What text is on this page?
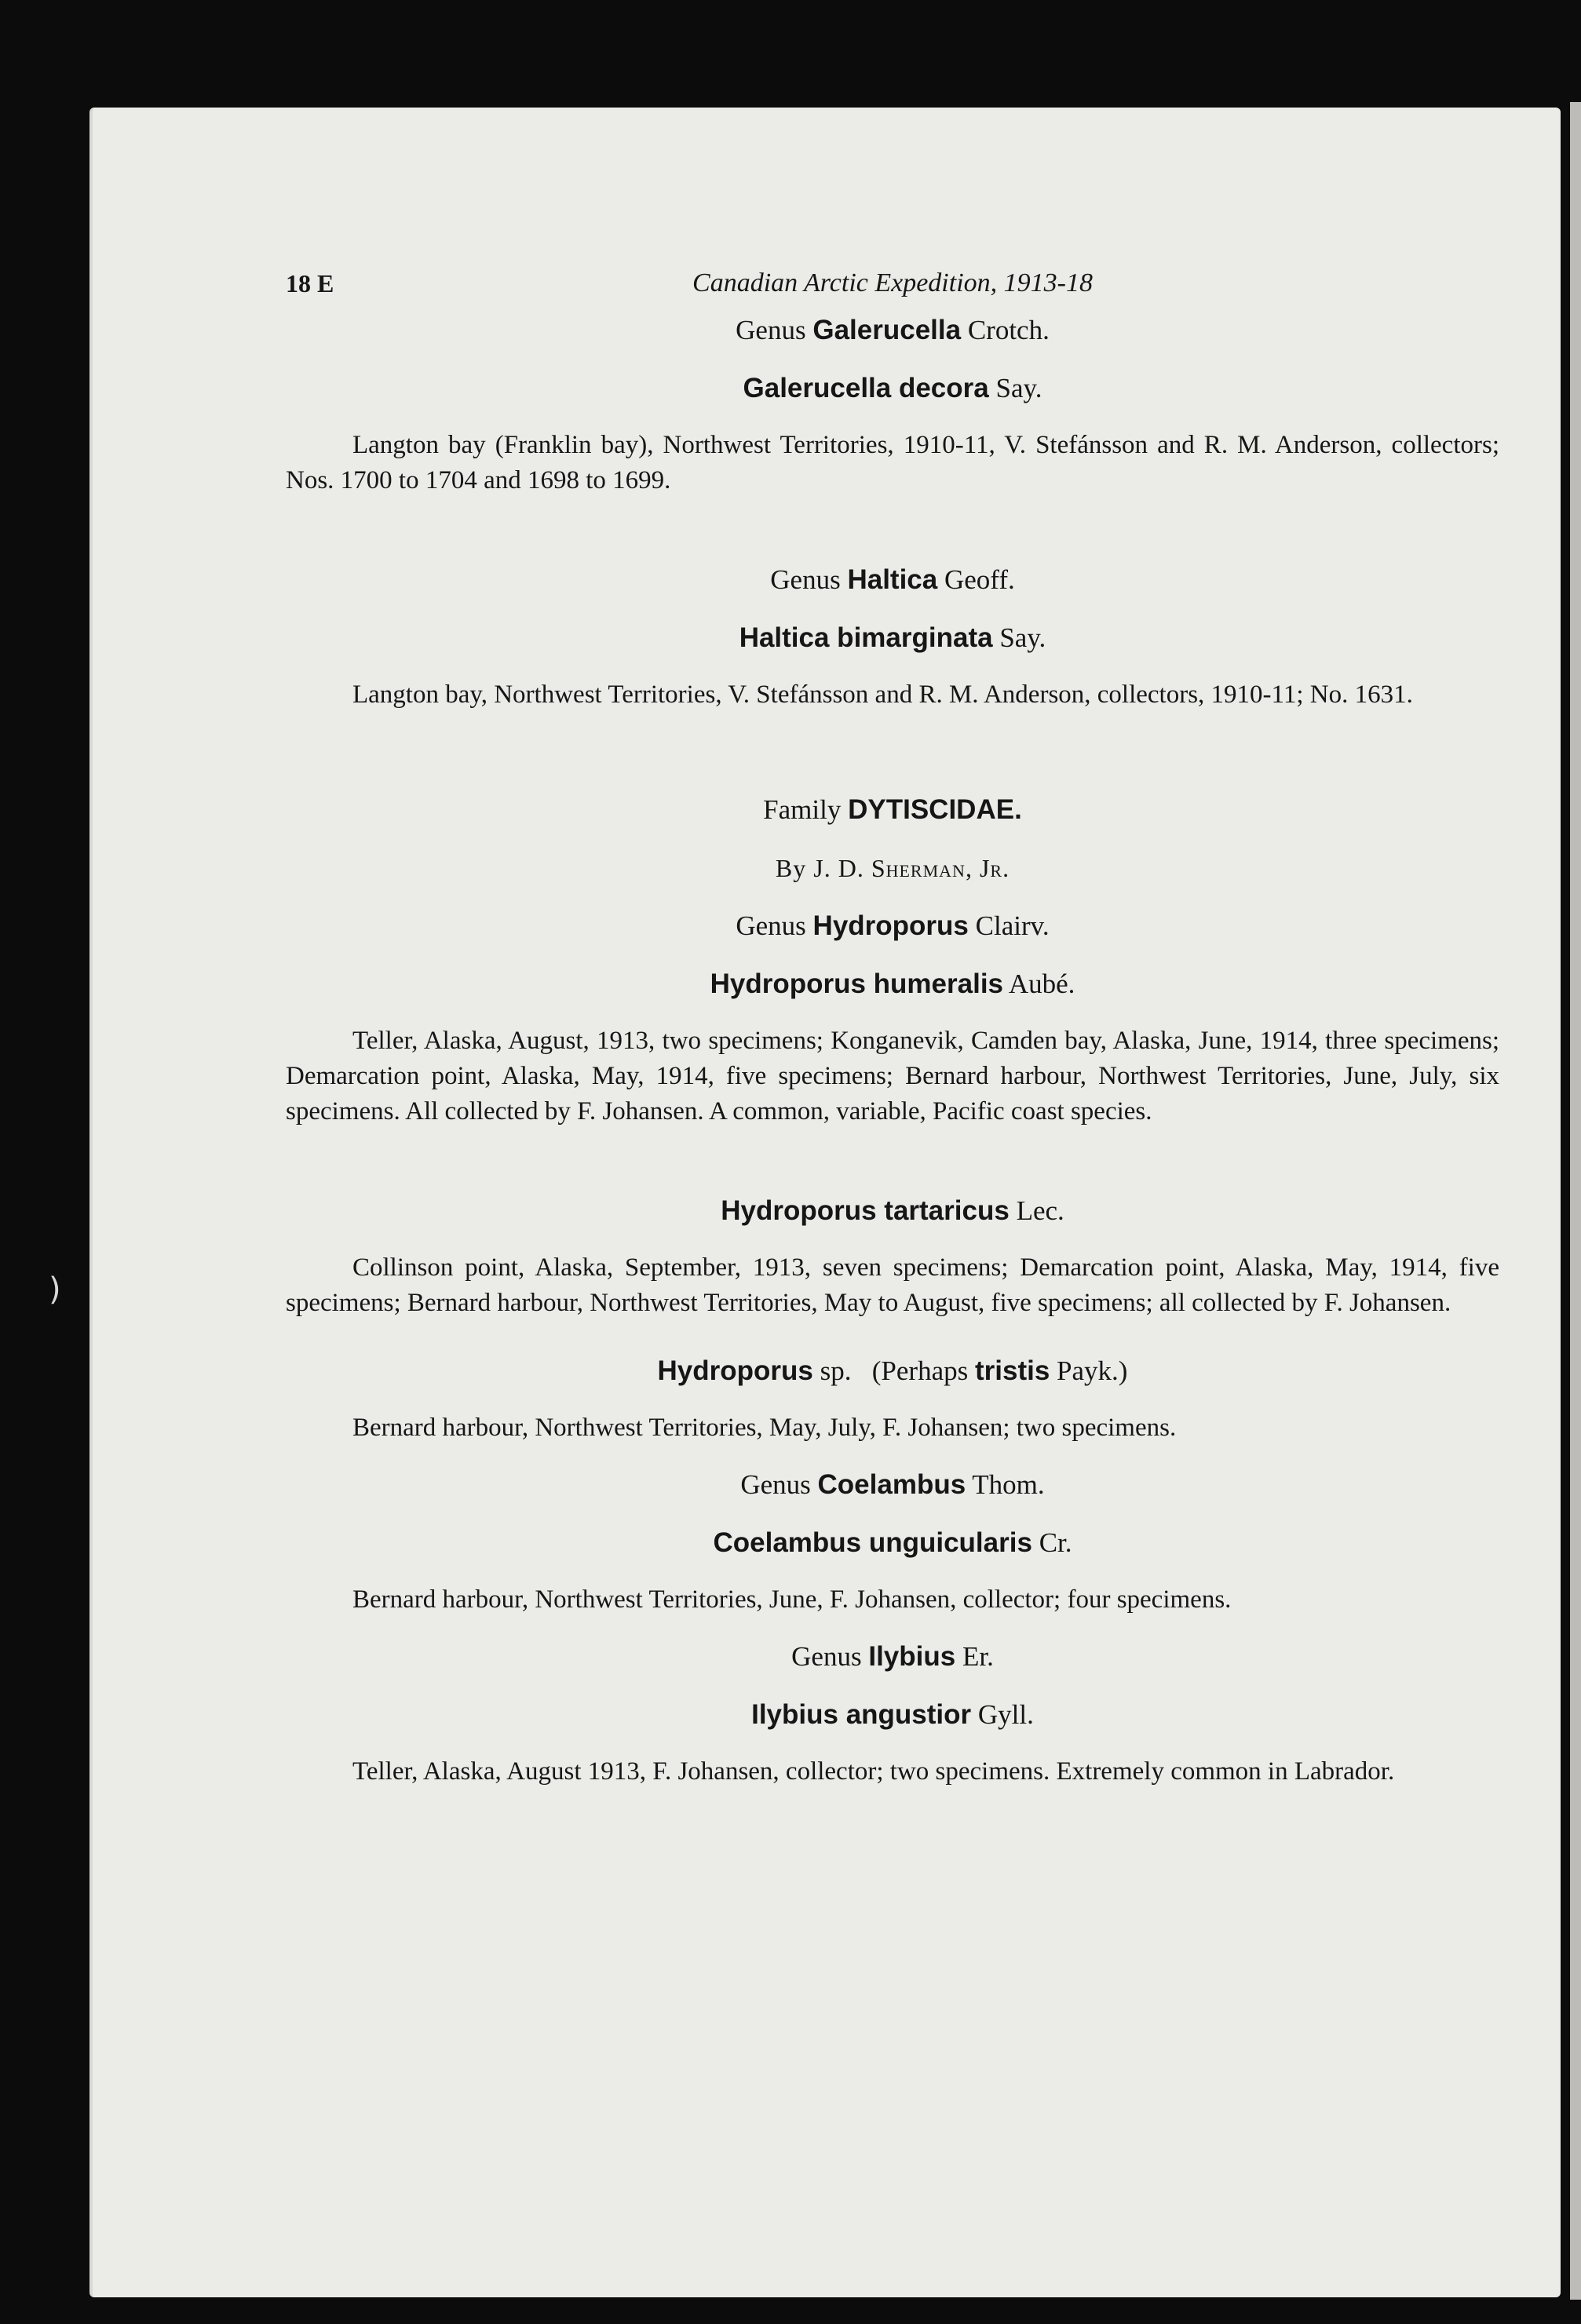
)
18 E	Canadian Arctic Expedition, 1913-18
Genus Galerucella Crotch.
Galerucella decora Say.

Langton bay (Franklin bay), Northwest Territories, 1910-11, V. Stefánsson and R. M. Anderson, collectors; Nos. 1700 to 1704 and 1698 to 1699.

Genus Haltica Geoff.
Haltica bimarginata Say.

Langton bay, Northwest Territories, V. Stefánsson and R. M. Anderson, collectors, 1910-11; No. 1631.

Family DYTISCIDAE.
By J. D. Sherman, Jr.
Genus Hydroporus Clairv.
Hydroporus humeralis Aubé.

Teller, Alaska, August, 1913, two specimens; Konganevik, Camden bay, Alaska, June, 1914, three specimens; Demarcation point, Alaska, May, 1914, five specimens; Bernard harbour, Northwest Territories, June, July, six specimens. All collected by F. Johansen. A common, variable, Pacific coast species.

Hydroporus tartaricus Lec.

Collinson point, Alaska, September, 1913, seven specimens; Demarcation point, Alaska, May, 1914, five specimens; Bernard harbour, Northwest Territories, May to August, five specimens; all collected by F. Johansen.

Hydroporus sp. (Perhaps tristis Payk.)

Bernard harbour, Northwest Territories, May, July, F. Johansen; two specimens.

Genus Coelambus Thom.
Coelambus unguicularis Cr.

Bernard harbour, Northwest Territories, June, F. Johansen, collector; four specimens.

Genus Ilybius Er.
Ilybius angustior Gyll.

Teller, Alaska, August 1913, F. Johansen, collector; two specimens. Extremely common in Labrador.
